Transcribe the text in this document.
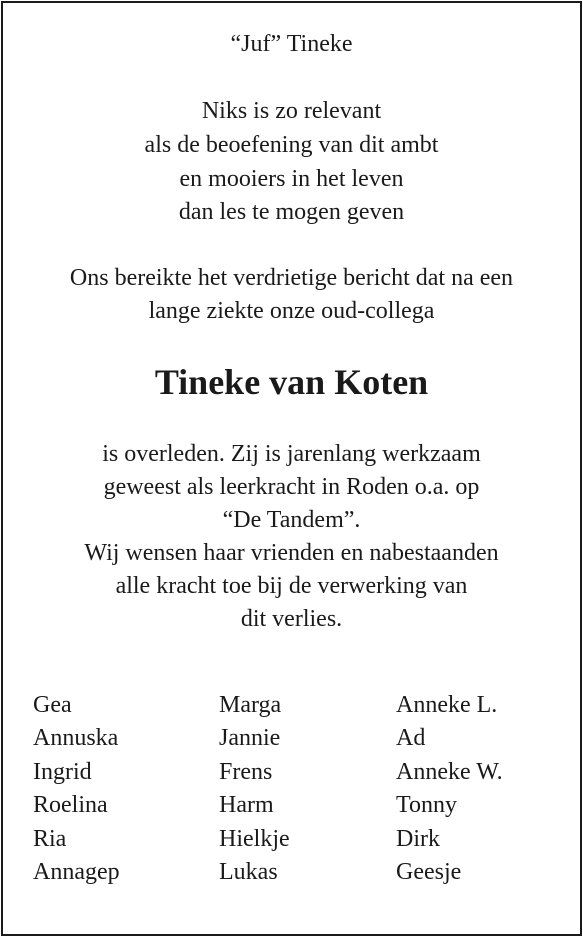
“Juf” Tineke
Niks is zo relevant
als de beoefening van dit ambt
en mooiers in het leven
dan les te mogen geven
Ons bereikte het verdrietige bericht dat na een
lange ziekte onze oud-collega
Tineke van Koten
is overleden. Zij is jarenlang werkzaam
geweest als leerkracht in Roden o.a. op
“De Tandem”.
Wij wensen haar vrienden en nabestaanden
alle kracht toe bij de verwerking van
dit verlies.
Gea
Annuska
Ingrid
Roelina
Ria
Annagep
Marga
Jannie
Frens
Harm
Hielkje
Lukas
Anneke L.
Ad
Anneke W.
Tonny
Dirk
Geesje
